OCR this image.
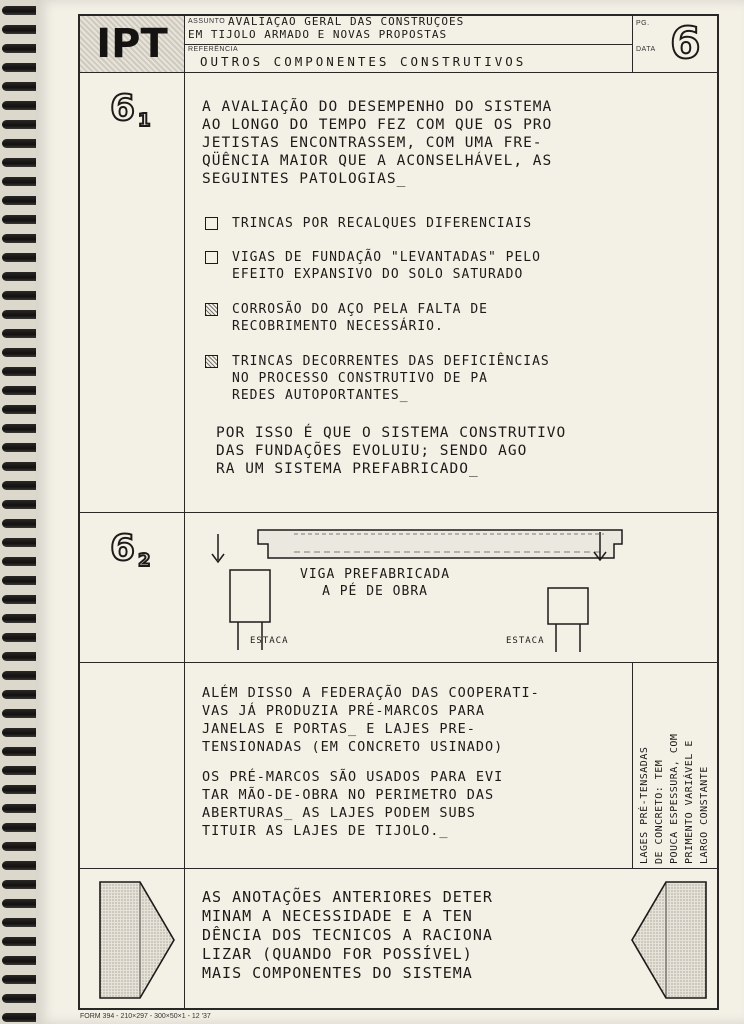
IPT	ASSUNTO AVALIAÇAO GERAL DAS CONSTRUÇOES
EM TIJOLO ARMADO E NOVAS PROPOSTAS
REFERÊNCIA
OUTROS COMPONENTES CONSTRUTIVOS
PG.
DATA 6
6 1
A AVALIAÇÃO DO DESEMPENHO DO SISTEMA
AO LONGO DO TEMPO FEZ COM QUE OS PRO
JETISTAS ENCONTRASSEM, COM UMA FRE-
QÜÊNCIA MAIOR QUE A ACONSELHÁVEL, AS
SEGUINTES PATOLOGIAS_
TRINCAS POR RECALQUES DIFERENCIAIS
VIGAS DE FUNDAÇÃO "LEVANTADAS" PELO
EFEITO EXPANSIVO DO SOLO SATURADO
CORROSÃO DO AÇO PELA FALTA DE
RECOBRIMENTO NECESSÁRIO.
TRINCAS DECORRENTES DAS DEFICIÊNCIAS
NO PROCESSO CONSTRUTIVO DE PA
REDES AUTOPORTANTES_
POR ISSO É QUE O SISTEMA CONSTRUTIVO
DAS FUNDAÇÕES EVOLUIU; SENDO AGO
RA UM SISTEMA PREFABRICADO_
6 2
VIGA PREFABRICADA
A PÉ DE OBRA
ESTACA	ESTACA
ALÉM DISSO A FEDERAÇÃO DAS COOPERATI-
VAS JÁ PRODUZIA PRÉ-MARCOS PARA
JANELAS E PORTAS_ E LAJES PRE-
TENSIONADAS (EM CONCRETO USINADO)
OS PRÉ-MARCOS SÃO USADOS PARA EVI
TAR MÃO-DE-OBRA NO PERIMETRO DAS
ABERTURAS_ AS LAJES PODEM SUBS
TITUIR AS LAJES DE TIJOLO._	LAGES PRÉ-TENSADAS DE CONCRETO: TEM POUCA ESPESSURA, COM PRIMENTO VARIÁVEL E LARGO CONSTANTE
AS ANOTAÇÕES ANTERIORES DETER
MINAM A NECESSIDADE E A TEN
DÊNCIA DOS TECNICOS A RACIONA
LIZAR (QUANDO FOR POSSÍVEL)
MAIS COMPONENTES DO SISTEMA
FORM 394 - 210×297 - 300×50×1 - 12 '37
